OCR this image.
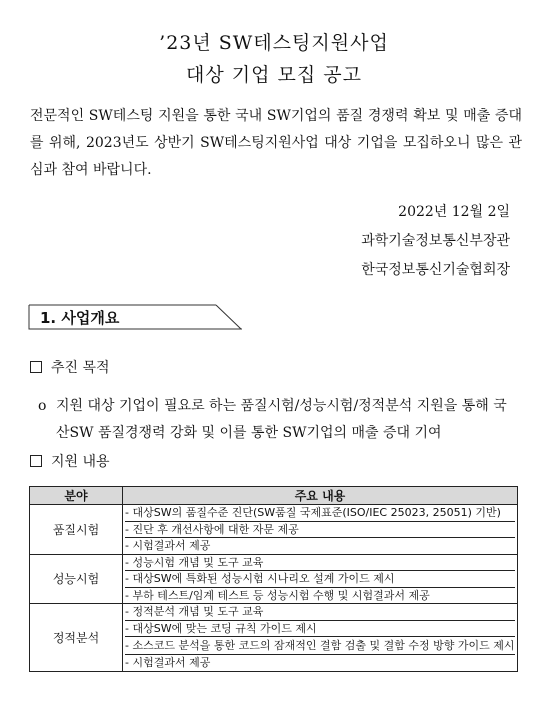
’23년 SW테스팅지원사업
대상 기업 모집 공고
전문적인 SW테스팅 지원을 통한 국내 SW기업의 품질 경쟁력 확보 및 매출 증대를 위해, 2023년도 상반기 SW테스팅지원사업 대상 기업을 모집하오니 많은 관심과 참여 바랍니다.
2022년 12월 2일
과학기술정보통신부장관
한국정보통신기술협회장
1. 사업개요
추진 목적
o 지원 대상 기업이 필요로 하는 품질시험/성능시험/정적분석 지원을 통해 국산SW 품질경쟁력 강화 및 이를 통한 SW기업의 매출 증대 기여
지원 내용
분야	주요 내용
품질시험	- 대상SW의 품질수준 진단(SW품질 국제표준(ISO/IEC 25023, 25051) 기반)
- 진단 후 개선사항에 대한 자문 제공
- 시험결과서 제공

성능시험	- 성능시험 개념 및 도구 교육
- 대상SW에 특화된 성능시험 시나리오 설계 가이드 제시
- 부하 테스트/임계 테스트 등 성능시험 수행 및 시험결과서 제공

정적분석	- 정적분석 개념 및 도구 교육
- 대상SW에 맞는 코딩 규칙 가이드 제시
- 소스코드 분석을 통한 코드의 잠재적인 결함 검출 및 결함 수정 방향 가이드 제시
- 시험결과서 제공
